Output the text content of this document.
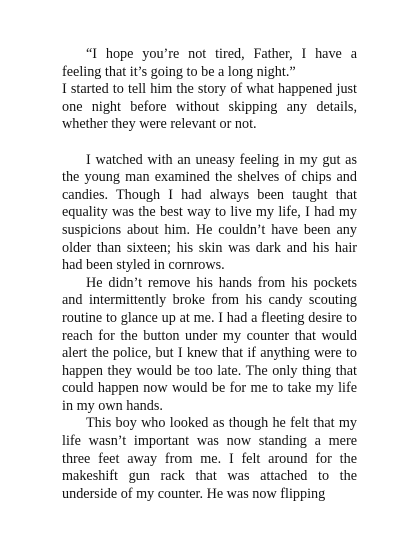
“I hope you’re not tired, Father, I have a feeling that it’s going to be a long night.”

I started to tell him the story of what happened just one night before without skipping any details, whether they were relevant or not.

I watched with an uneasy feeling in my gut as the young man examined the shelves of chips and candies. Though I had always been taught that equality was the best way to live my life, I had my suspicions about him. He couldn’t have been any older than sixteen; his skin was dark and his hair had been styled in cornrows.

He didn’t remove his hands from his pockets and intermittently broke from his candy scouting routine to glance up at me. I had a fleeting desire to reach for the button under my counter that would alert the police, but I knew that if anything were to happen they would be too late. The only thing that could happen now would be for me to take my life in my own hands.

This boy who looked as though he felt that my life wasn’t important was now standing a mere three feet away from me. I felt around for the makeshift gun rack that was attached to the underside of my counter. He was now flipping
